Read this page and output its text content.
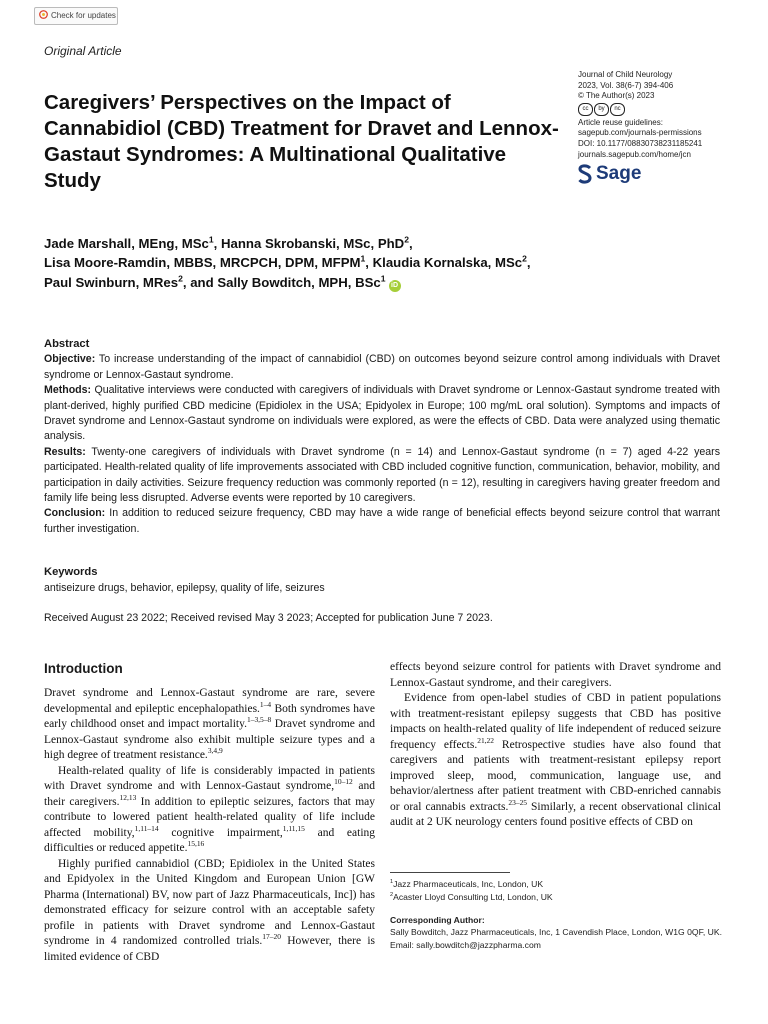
Check for updates
Original Article
Journal of Child Neurology
2023, Vol. 38(6-7) 394-406
© The Author(s) 2023
cc	by	nc
Article reuse guidelines:
sagepub.com/journals-permissions
DOI: 10.1177/08830738231185241
journals.sagepub.com/home/jcn
Sage
Caregivers’ Perspectives on the Impact of Cannabidiol (CBD) Treatment for Dravet and Lennox-Gastaut Syndromes: A Multinational Qualitative Study
Jade Marshall, MEng, MSc$^1$, Hanna Skrobanski, MSc, PhD$^2$,
Lisa Moore-Ramdin, MBBS, MRCPCH, DPM, MFPM$^1$, Klaudia Kornalska, MSc$^2$,
Paul Swinburn, MRes$^2$, and Sally Bowditch, MPH, BSc$^1$iD
Abstract
Objective: To increase understanding of the impact of cannabidiol (CBD) on outcomes beyond seizure control among individuals with Dravet syndrome or Lennox-Gastaut syndrome.
Methods: Qualitative interviews were conducted with caregivers of individuals with Dravet syndrome or Lennox-Gastaut syndrome treated with plant-derived, highly purified CBD medicine (Epidiolex in the USA; Epidyolex in Europe; 100 mg/mL oral solution). Symptoms and impacts of Dravet syndrome and Lennox-Gastaut syndrome on individuals were explored, as were the effects of CBD. Data were analyzed using thematic analysis.
Results: Twenty-one caregivers of individuals with Dravet syndrome (n = 14) and Lennox-Gastaut syndrome (n = 7) aged 4-22 years participated. Health-related quality of life improvements associated with CBD included cognitive function, communication, behavior, mobility, and participation in daily activities. Seizure frequency reduction was commonly reported (n = 12), resulting in caregivers having greater freedom and family life being less disrupted. Adverse events were reported by 10 caregivers.
Conclusion: In addition to reduced seizure frequency, CBD may have a wide range of beneficial effects beyond seizure control that warrant further investigation.
Keywords
antiseizure drugs, behavior, epilepsy, quality of life, seizures
Received August 23 2022; Received revised May 3 2023; Accepted for publication June 7 2023.
Introduction

Dravet syndrome and Lennox-Gastaut syndrome are rare, severe developmental and epileptic encephalopathies.$^{1-4}$ Both syndromes have early childhood onset and impact mortality.$^{1-3,5-8}$ Dravet syndrome and Lennox-Gastaut syndrome also exhibit multiple seizure types and a high degree of treatment resistance.$^{3,4,9}$

Health-related quality of life is considerably impacted in patients with Dravet syndrome and with Lennox-Gastaut syndrome,$^{10-12}$ and their caregivers.$^{12,13}$ In addition to epileptic seizures, factors that may contribute to lowered patient health-related quality of life include affected mobility,$^{1,11-14}$ cognitive impairment,$^{1,11,15}$ and eating difficulties or reduced appetite.$^{15,16}$

Highly purified cannabidiol (CBD; Epidiolex in the United States and Epidyolex in the United Kingdom and European Union [GW Pharma (International) BV, now part of Jazz Pharmaceuticals, Inc]) has demonstrated efficacy for seizure control with an acceptable safety profile in patients with Dravet syndrome and Lennox-Gastaut syndrome in 4 randomized controlled trials.$^{17-20}$ However, there is limited evidence of CBD

effects beyond seizure control for patients with Dravet syndrome and Lennox-Gastaut syndrome, and their caregivers.

Evidence from open-label studies of CBD in patient populations with treatment-resistant epilepsy suggests that CBD has positive impacts on health-related quality of life independent of reduced seizure frequency effects.$^{21,22}$ Retrospective studies have also found that caregivers and patients with treatment-resistant epilepsy report improved sleep, mood, communication, language use, and behavior/alertness after patient treatment with CBD-enriched cannabis or oral cannabis extracts.$^{23-25}$ Similarly, a recent observational clinical audit at 2 UK neurology centers found positive effects of CBD on

$^1$Jazz Pharmaceuticals, Inc, London, UK
$^2$Acaster Lloyd Consulting Ltd, London, UK
Corresponding Author:
Sally Bowditch, Jazz Pharmaceuticals, Inc, 1 Cavendish Place, London, W1G 0QF, UK.
Email: sally.bowditch@jazzpharma.com
